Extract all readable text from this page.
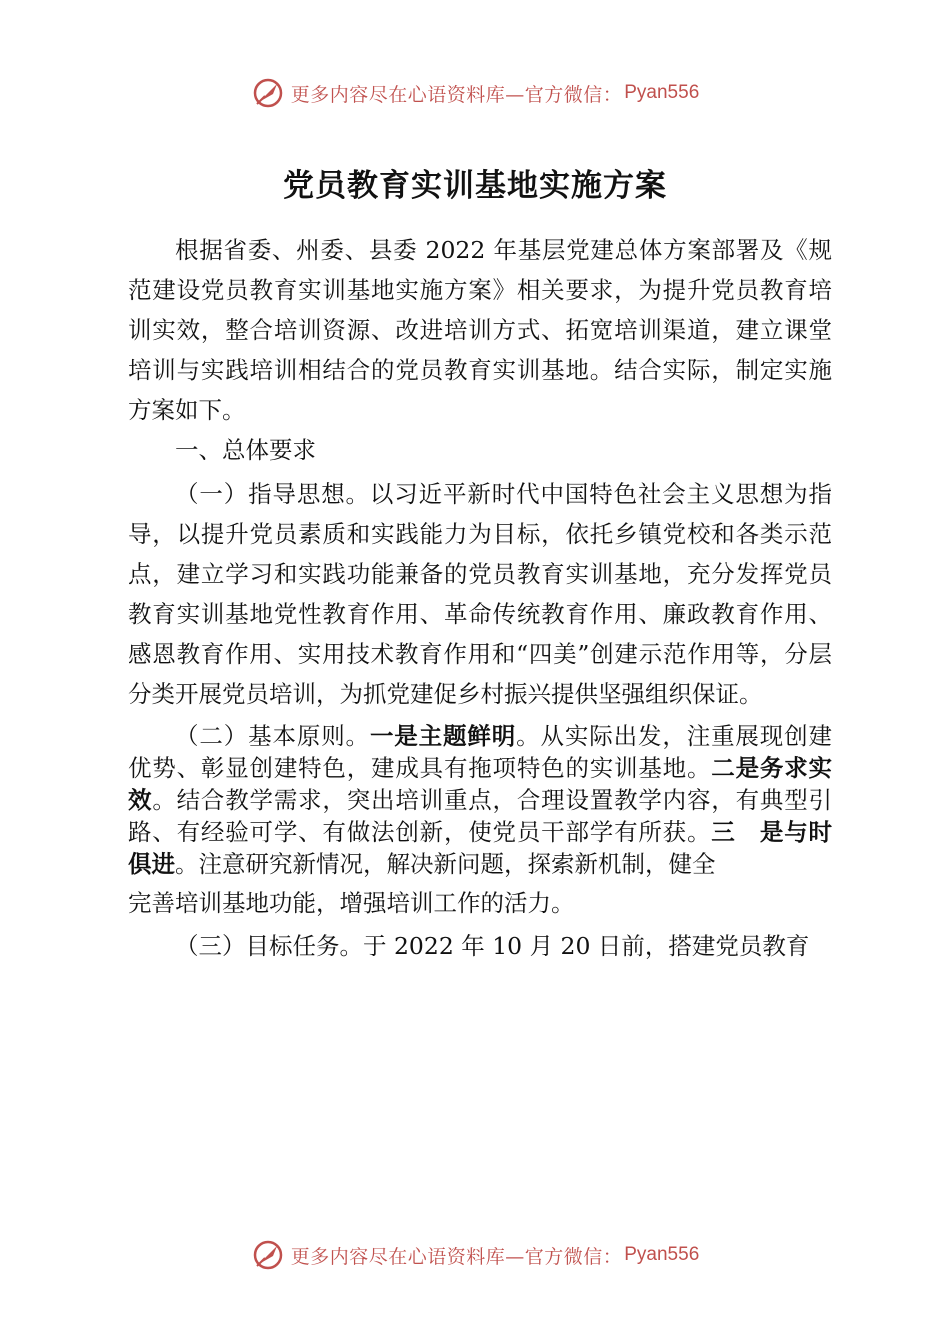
更多内容尽在心语资料库—官方微信： Pyan556
党员教育实训基地实施方案

根据省委、州委、县委 2022 年基层党建总体方案部署及《规范建设党员教育实训基地实施方案》相关要求，为提升党员教育培训实效，整合培训资源、改进培训方式、拓宽培训渠道，建立课堂培训与实践培训相结合的党员教育实训基地。结合实际，制定实施方案如下。

一、总体要求

（一）指导思想。以习近平新时代中国特色社会主义思想为指导，以提升党员素质和实践能力为目标，依托乡镇党校和各类示范点，建立学习和实践功能兼备的党员教育实训基地，充分发挥党员教育实训基地党性教育作用、革命传统教育作用、廉政教育作用、感恩教育作用、实用技术教育作用和“四美”创建示范作用等，分层分类开展党员培训，为抓党建促乡村振兴提供坚强组织保证。

（二）基本原则。一是主题鲜明。从实际出发，注重展现创建优势、彰显创建特色，建成具有拖项特色的实训基地。二是务求实效。结合教学需求，突出培训重点，合理设置教学内容，有典型引路、有经验可学、有做法创新，使党员干部学有所获。三　是与时俱进。注意研究新情况，解决新问题，探索新机制，健全
完善培训基地功能，增强培训工作的活力。

（三）目标任务。于 2022 年 10 月 20 日前，搭建党员教育

更多内容尽在心语资料库—官方微信： Pyan556
